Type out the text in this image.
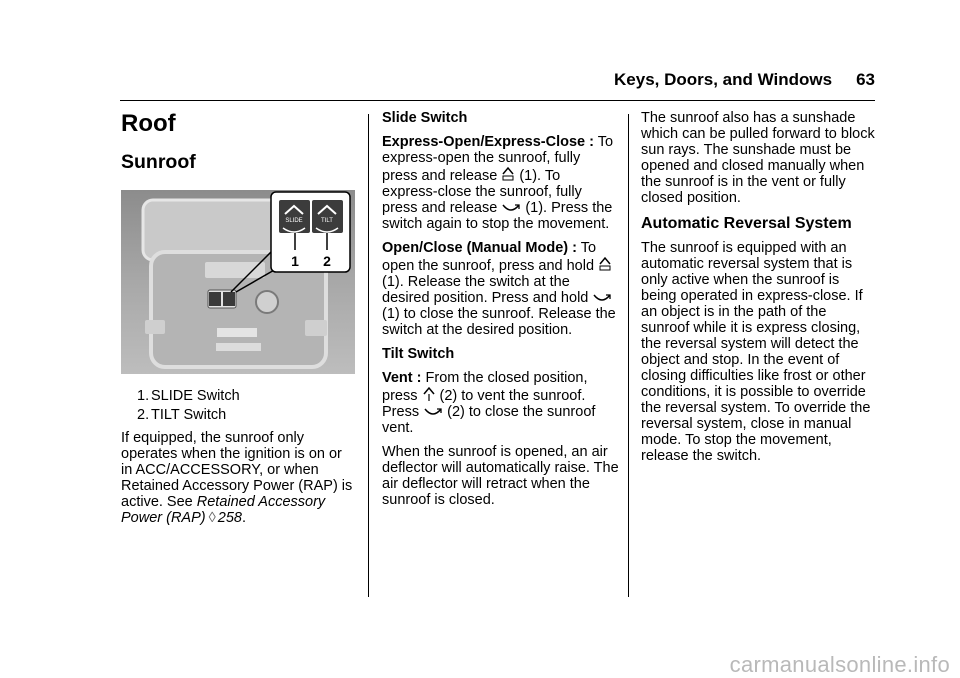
Keys, Doors, and Windows 63
Roof
Sunroof
SLIDE	TILT
1 2
1. SLIDE Switch
2. TILT Switch

If equipped, the sunroof only operates when the ignition is on or in ACC/ACCESSORY, or when Retained Accessory Power (RAP) is active. See Retained Accessory Power (RAP) ◊ 258.

Slide Switch

Express-Open/Express-Close : To express-open the sunroof, fully press and release  (1). To express-close the sunroof, fully press and release  (1). Press the switch again to stop the movement.

Open/Close (Manual Mode) : To open the sunroof, press and hold  (1). Release the switch at the desired position. Press and hold  (1) to close the sunroof. Release the switch at the desired position.

Tilt Switch

Vent : From the closed position, press  (2) to vent the sunroof. Press  (2) to close the sunroof vent.

When the sunroof is opened, an air deflector will automatically raise. The air deflector will retract when the sunroof is closed.

The sunroof also has a sunshade which can be pulled forward to block sun rays. The sunshade must be opened and closed manually when the sunroof is in the vent or fully closed position.

Automatic Reversal System

The sunroof is equipped with an automatic reversal system that is only active when the sunroof is being operated in express-close. If an object is in the path of the sunroof while it is express closing, the reversal system will detect the object and stop. In the event of closing difficulties like frost or other conditions, it is possible to override the reversal system. To override the reversal system, close in manual mode. To stop the movement, release the switch.

carmanualsonline.info
